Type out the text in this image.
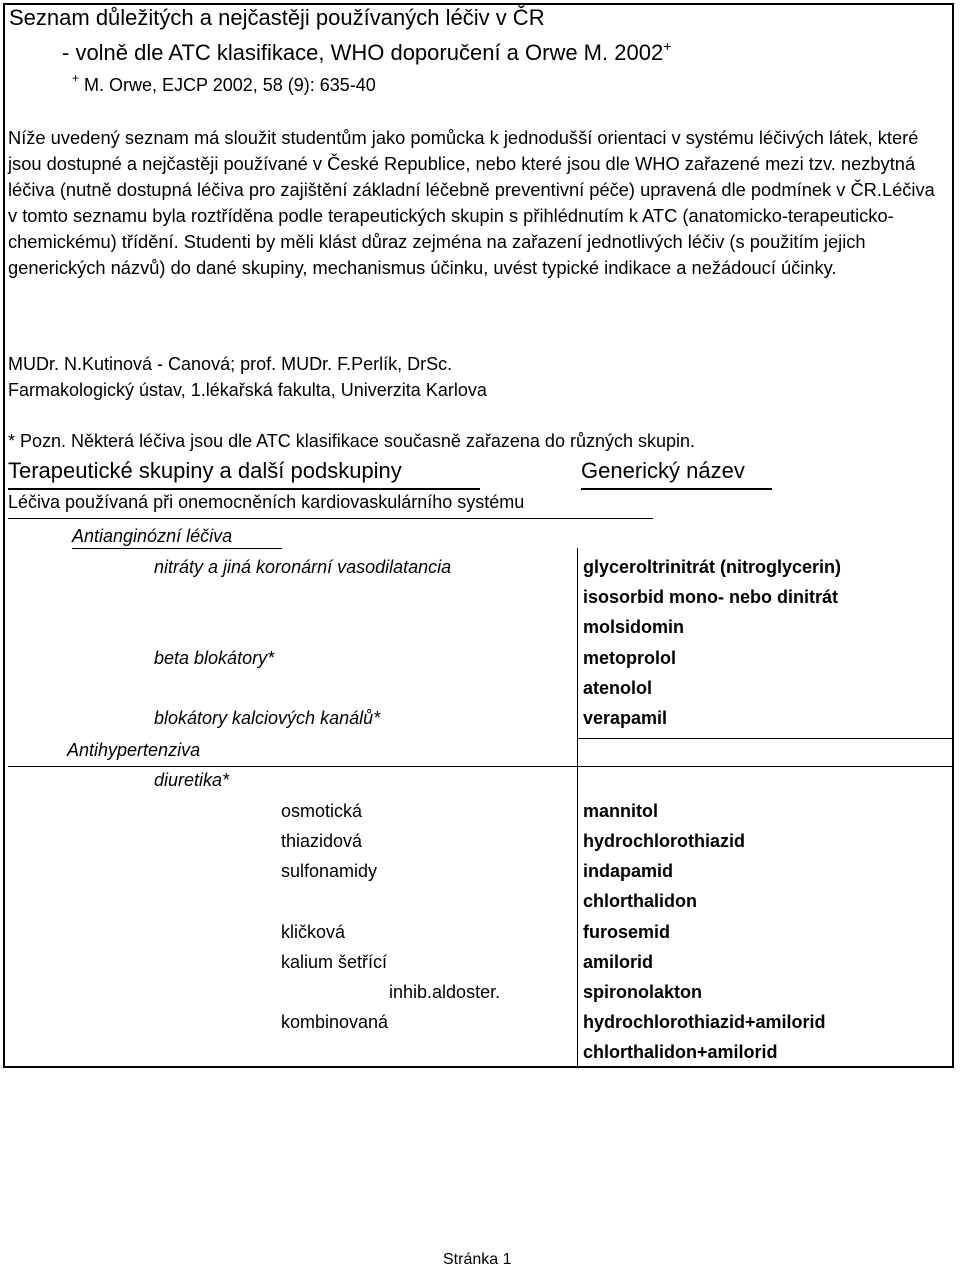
Seznam důležitých a nejčastěji používaných léčiv v ČR
- volně dle ATC klasifikace, WHO doporučení a Orwe M. 2002+
+ M. Orwe, EJCP 2002, 58 (9): 635-40
Níže uvedený seznam má sloužit studentům jako pomůcka k jednodušší orientaci v systému léčivých látek, které jsou dostupné a nejčastěji používané v České Republice, nebo které jsou dle WHO zařazené mezi tzv. nezbytná léčiva (nutně dostupná léčiva pro zajištění základní léčebně preventivní péče) upravená dle podmínek v ČR.Léčiva v tomto seznamu byla roztříděna podle terapeutických skupin s přihlédnutím k ATC (anatomicko-terapeuticko-chemickému) třídění. Studenti by měli klást důraz zejména na zařazení jednotlivých léčiv (s použitím jejich generických názvů) do dané skupiny, mechanismus účinku, uvést typické indikace a nežádoucí účinky.
MUDr. N.Kutinová - Canová; prof. MUDr. F.Perlík, DrSc.
Farmakologický ústav, 1.lékařská fakulta, Univerzita Karlova
* Pozn. Některá léčiva jsou dle ATC klasifikace současně zařazena do různých skupin.
Terapeutické skupiny a další podskupiny	Generický název
Léčiva používaná při onemocněních kardiovaskulárního systému
Antianginózní léčiva
nitráty a jiná koronární vasodilatancia
beta blokátory*
blokátory kalciových kanálů*
Antihypertenziva
diuretika*
osmotická
thiazidová
sulfonamidy
kličková
kalium šetřící
inhib.aldoster.
kombinovaná
glyceroltrinitrát (nitroglycerin)
isosorbid mono- nebo dinitrát
molsidomin
metoprolol
atenolol
verapamil
mannitol
hydrochlorothiazid
indapamid
chlorthalidon
furosemid
amilorid
spironolakton
hydrochlorothiazid+amilorid
chlorthalidon+amilorid
Stránka 1
